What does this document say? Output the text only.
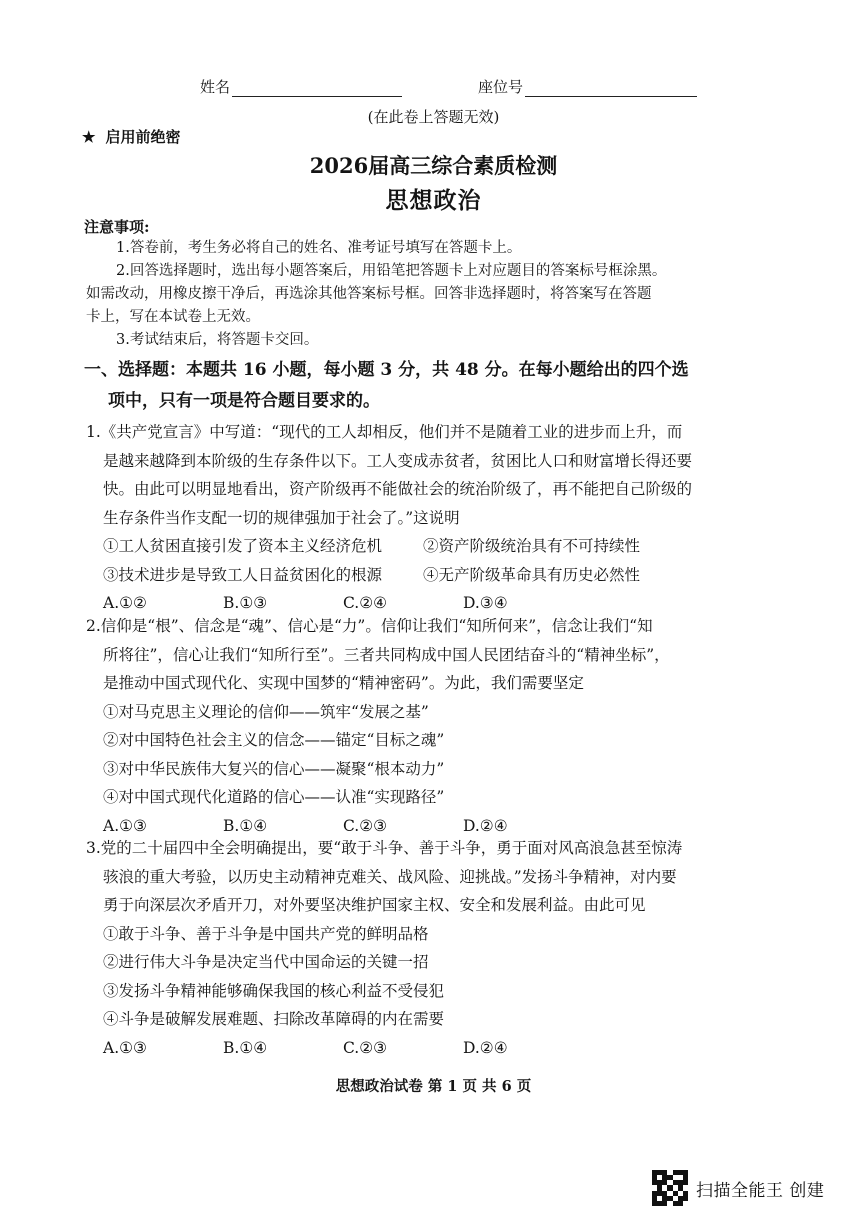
姓名	座位号
(在此卷上答题无效)
★ 启用前绝密
2026届高三综合素质检测
思想政治
注意事项:

1.答卷前，考生务必将自己的姓名、准考证号填写在答题卡上。

2.回答选择题时，选出每小题答案后，用铅笔把答题卡上对应题目的答案标号框涂黑。

如需改动，用橡皮擦干净后，再选涂其他答案标号框。回答非选择题时，将答案写在答题

卡上，写在本试卷上无效。

3.考试结束后，将答题卡交回。

一、选择题：本题共 16 小题，每小题 3 分，共 48 分。在每小题给出的四个选
项中，只有一项是符合题目要求的。

1.《共产党宣言》中写道：“现代的工人却相反，他们并不是随着工业的进步而上升，而

是越来越降到本阶级的生存条件以下。工人变成赤贫者，贫困比人口和财富增长得还要

快。由此可以明显地看出，资产阶级再不能做社会的统治阶级了，再不能把自己阶级的

生存条件当作支配一切的规律强加于社会了。”这说明

①工人贫困直接引发了资本主义经济危机	②资产阶级统治具有不可持续性
③技术进步是导致工人日益贫困化的根源	④无产阶级革命具有历史必然性
A.①②	B.①③	C.②④	D.③④

2.信仰是“根”、信念是“魂”、信心是“力”。信仰让我们“知所何来”，信念让我们“知

所将往”，信心让我们“知所行至”。三者共同构成中国人民团结奋斗的“精神坐标”，

是推动中国式现代化、实现中国梦的“精神密码”。为此，我们需要坚定

①对马克思主义理论的信仰——筑牢“发展之基”

②对中国特色社会主义的信念——锚定“目标之魂”

③对中华民族伟大复兴的信心——凝聚“根本动力”

④对中国式现代化道路的信心——认准“实现路径”

A.①③	B.①④	C.②③	D.②④

3.党的二十届四中全会明确提出，要“敢于斗争、善于斗争，勇于面对风高浪急甚至惊涛

骇浪的重大考验，以历史主动精神克难关、战风险、迎挑战。”发扬斗争精神，对内要

勇于向深层次矛盾开刀，对外要坚决维护国家主权、安全和发展利益。由此可见

①敢于斗争、善于斗争是中国共产党的鲜明品格

②进行伟大斗争是决定当代中国命运的关键一招

③发扬斗争精神能够确保我国的核心利益不受侵犯

④斗争是破解发展难题、扫除改革障碍的内在需要

A.①③	B.①④	C.②③	D.②④
思想政治试卷 第 1 页 共 6 页
扫描全能王 创建
